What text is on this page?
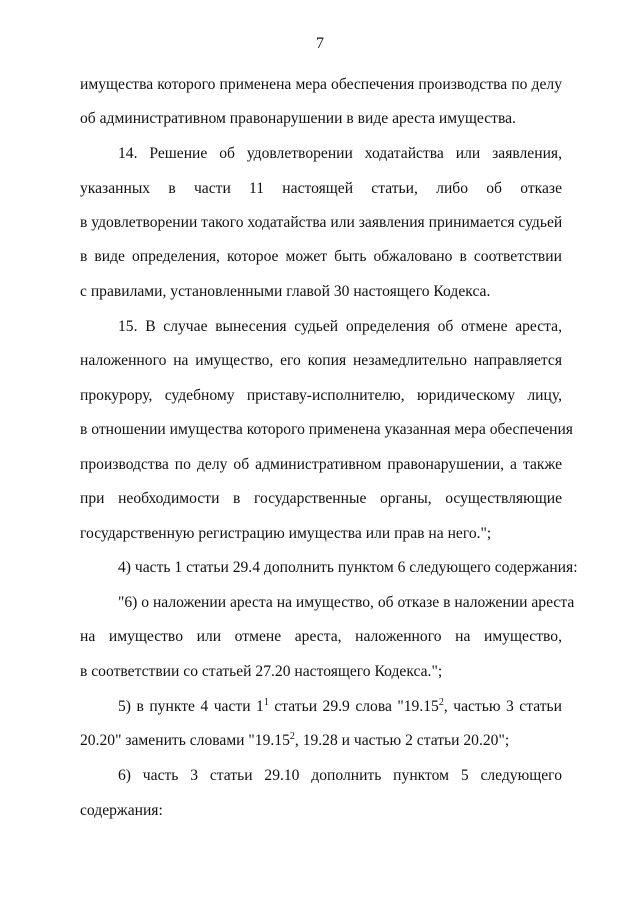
7
имущества которого применена мера обеспечения производства по делу
об административном правонарушении в виде ареста имущества.
14. Решение об удовлетворении ходатайства или заявления,
указанных в части 11 настоящей статьи, либо об отказе
в удовлетворении такого ходатайства или заявления принимается судьей
в виде определения, которое может быть обжаловано в соответствии
с правилами, установленными главой 30 настоящего Кодекса.
15. В случае вынесения судьей определения об отмене ареста,
наложенного на имущество, его копия незамедлительно направляется
прокурору, судебному приставу-исполнителю, юридическому лицу,
в отношении имущества которого применена указанная мера обеспечения
производства по делу об административном правонарушении, а также
при необходимости в государственные органы, осуществляющие
государственную регистрацию имущества или прав на него.";
4) часть 1 статьи 29.4 дополнить пунктом 6 следующего содержания:
"6) о наложении ареста на имущество, об отказе в наложении ареста
на имущество или отмене ареста, наложенного на имущество,
в соответствии со статьей 27.20 настоящего Кодекса.";
5) в пункте 4 части $1^1$ статьи 29.9 слова "19.15$^2$, частью 3 статьи
20.20" заменить словами "19.15$^2$, 19.28 и частью 2 статьи 20.20";
6) часть 3 статьи 29.10 дополнить пунктом 5 следующего
содержания:
